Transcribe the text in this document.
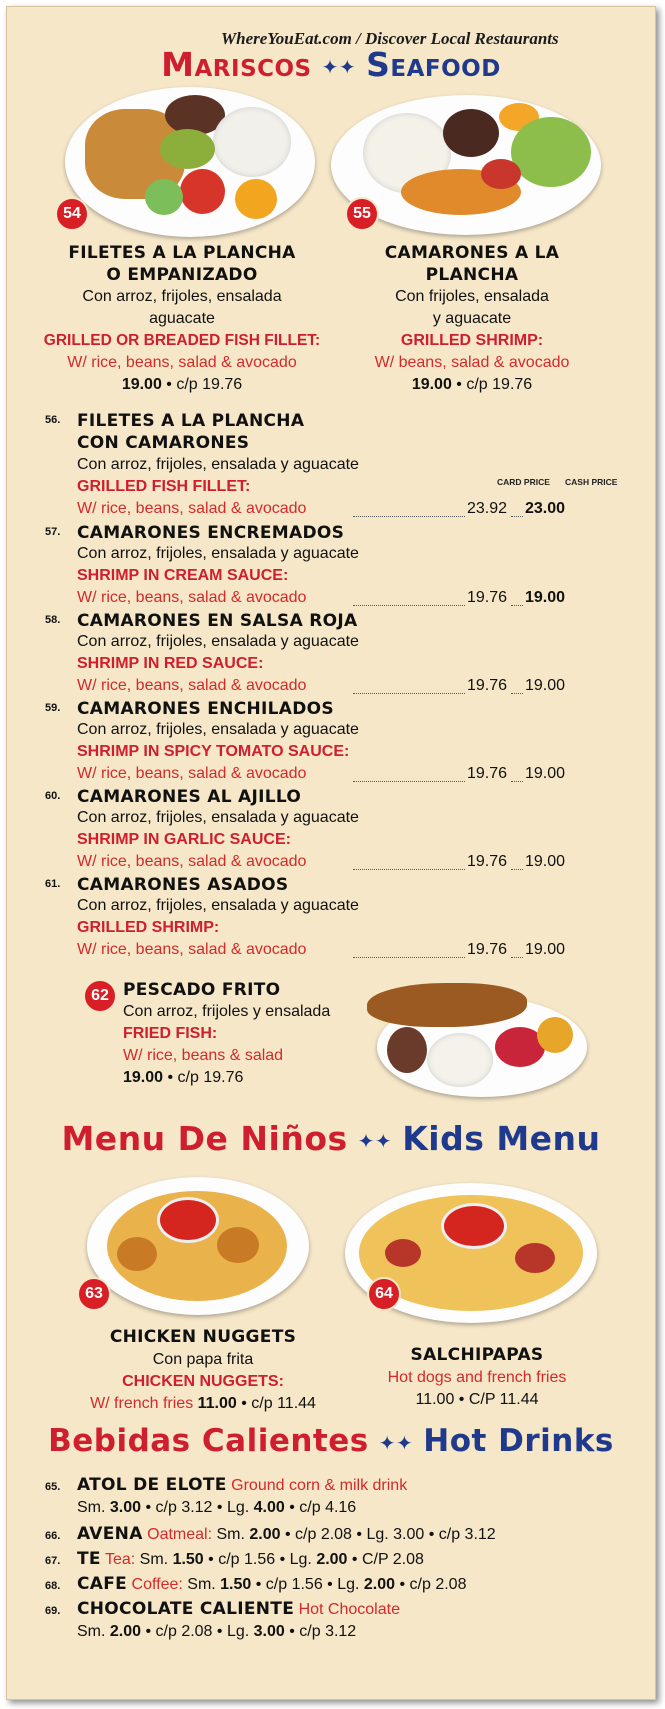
WhereYouEat.com / Discover Local Restaurants
Mariscos ✦✦ Seafood
54	55
FILETES A LA PLANCHA
O EMPANIZADO
Con arroz, frijoles, ensalada
aguacate
GRILLED OR BREADED FISH FILLET:
W/ rice, beans, salad & avocado
19.00 • c/p 19.76
CAMARONES A LA
PLANCHA
Con frijoles, ensalada
y aguacate
GRILLED SHRIMP:
W/ beans, salad & avocado
19.00 • c/p 19.76
CARD PRICE CASH PRICE
56. FILETES A LA PLANCHA
CON CAMARONES
Con arroz, frijoles, ensalada y aguacate
GRILLED FISH FILLET:
W/ rice, beans, salad & avocado	23.92 23.00
57. CAMARONES ENCREMADOS
Con arroz, frijoles, ensalada y aguacate
SHRIMP IN CREAM SAUCE:
W/ rice, beans, salad & avocado	19.76 19.00
58. CAMARONES EN SALSA ROJA
Con arroz, frijoles, ensalada y aguacate
SHRIMP IN RED SAUCE:
W/ rice, beans, salad & avocado	19.76 19.00
59. CAMARONES ENCHILADOS
Con arroz, frijoles, ensalada y aguacate
SHRIMP IN SPICY TOMATO SAUCE:
W/ rice, beans, salad & avocado	19.76 19.00
60. CAMARONES AL AJILLO
Con arroz, frijoles, ensalada y aguacate
SHRIMP IN GARLIC SAUCE:
W/ rice, beans, salad & avocado	19.76 19.00
61. CAMARONES ASADOS
Con arroz, frijoles, ensalada y aguacate
GRILLED SHRIMP:
W/ rice, beans, salad & avocado	19.76 19.00
62 PESCADO FRITO
Con arroz, frijoles y ensalada
FRIED FISH:
W/ rice, beans & salad
19.00 • c/p 19.76
Menu De Niños ✦✦ Kids Menu
63	64
CHICKEN NUGGETS
Con papa frita
CHICKEN NUGGETS:
W/ french fries 11.00 • c/p 11.44
SALCHIPAPAS
Hot dogs and french fries
11.00 • C/P 11.44
Bebidas Calientes ✦✦ Hot Drinks
65. ATOL DE ELOTE Ground corn & milk drink
Sm. 3.00 • c/p 3.12 • Lg. 4.00 • c/p 4.16
66. AVENA Oatmeal: Sm. 2.00 • c/p 2.08 • Lg. 3.00 • c/p 3.12
67. TE Tea: Sm. 1.50 • c/p 1.56 • Lg. 2.00 • C/P 2.08
68. CAFE Coffee: Sm. 1.50 • c/p 1.56 • Lg. 2.00 • c/p 2.08
69. CHOCOLATE CALIENTE Hot Chocolate
Sm. 2.00 • c/p 2.08 • Lg. 3.00 • c/p 3.12
